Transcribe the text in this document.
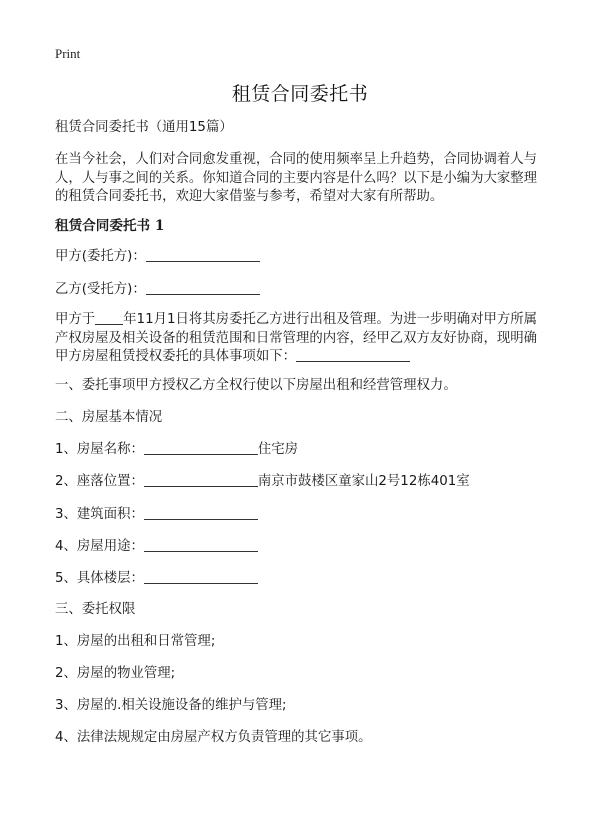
Print
租赁合同委托书
租赁合同委托书（通用15篇）
在当今社会，人们对合同愈发重视，合同的使用频率呈上升趋势，合同协调着人与
人，人与事之间的关系。你知道合同的主要内容是什么吗？以下是小编为大家整理
的租赁合同委托书，欢迎大家借鉴与参考，希望对大家有所帮助。
租赁合同委托书 1
甲方(委托方)：
乙方(受托方)：
甲方于 年11月1日将其房委托乙方进行出租及管理。为进一步明确对甲方所属
产权房屋及相关设备的租赁范围和日常管理的内容，经甲乙双方友好协商，现明确
甲方房屋租赁授权委托的具体事项如下：
一、委托事项甲方授权乙方全权行使以下房屋出租和经营管理权力。
二、房屋基本情况
1、房屋名称：	住宅房
2、座落位置：	南京市鼓楼区童家山2号12栋401室
3、建筑面积：
4、房屋用途：
5、具体楼层：
三、委托权限
1、房屋的出租和日常管理;
2、房屋的物业管理;
3、房屋的.相关设施设备的维护与管理;
4、法律法规规定由房屋产权方负责管理的其它事项。
